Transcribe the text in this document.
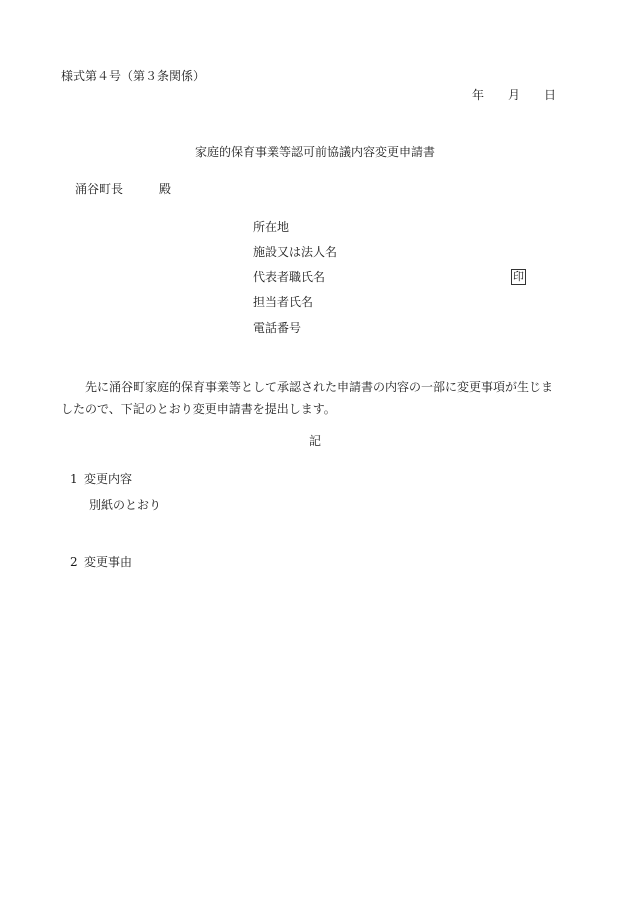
様式第４号（第３条関係）
年 月 日
家庭的保育事業等認可前協議内容変更申請書
涌谷町長	殿
所在地
施設又は法人名
代表者職氏名	印
担当者氏名
電話番号
先に涌谷町家庭的保育事業等として承認された申請書の内容の一部に変更事項が生じましたので、下記のとおり変更申請書を提出します。
記
1 変更内容
別紙のとおり
2 変更事由
